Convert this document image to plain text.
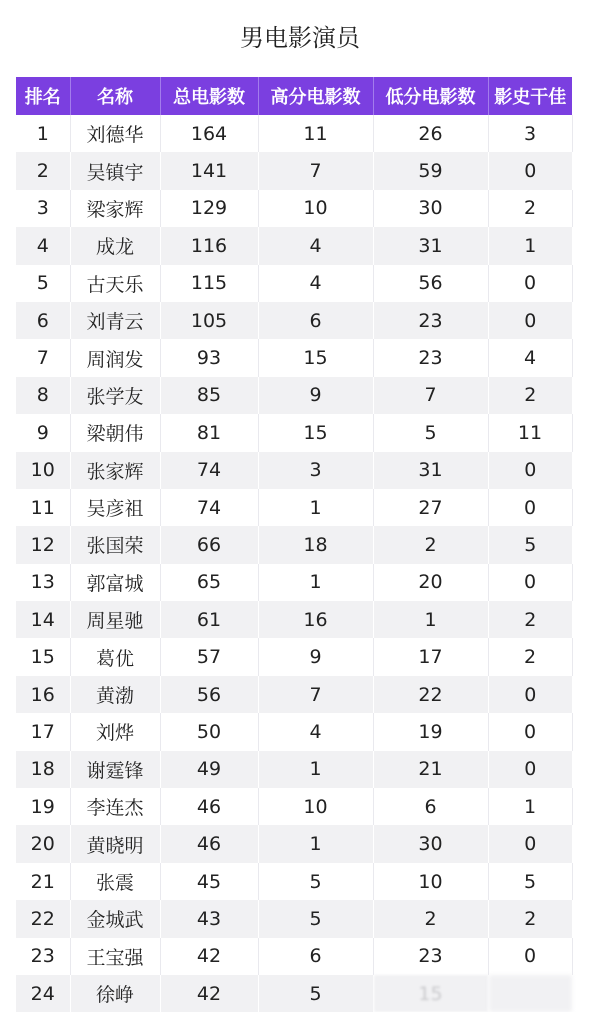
男电影演员
排名	名称	总电影数	高分电影数	低分电影数	影史干佳
1	刘德华	164	11	26	3
2	吴镇宇	141	7	59	0
3	梁家辉	129	10	30	2
4	成龙	116	4	31	1
5	古天乐	115	4	56	0
6	刘青云	105	6	23	0
7	周润发	93	15	23	4
8	张学友	85	9	7	2
9	梁朝伟	81	15	5	11
10	张家辉	74	3	31	0
11	吴彦祖	74	1	27	0
12	张国荣	66	18	2	5
13	郭富城	65	1	20	0
14	周星驰	61	16	1	2
15	葛优	57	9	17	2
16	黄渤	56	7	22	0
17	刘烨	50	4	19	0
18	谢霆锋	49	1	21	0
19	李连杰	46	10	6	1
20	黄晓明	46	1	30	0
21	张震	45	5	10	5
22	金城武	43	5	2	2
23	王宝强	42	6	23	0
24	徐峥	42	5	15	
